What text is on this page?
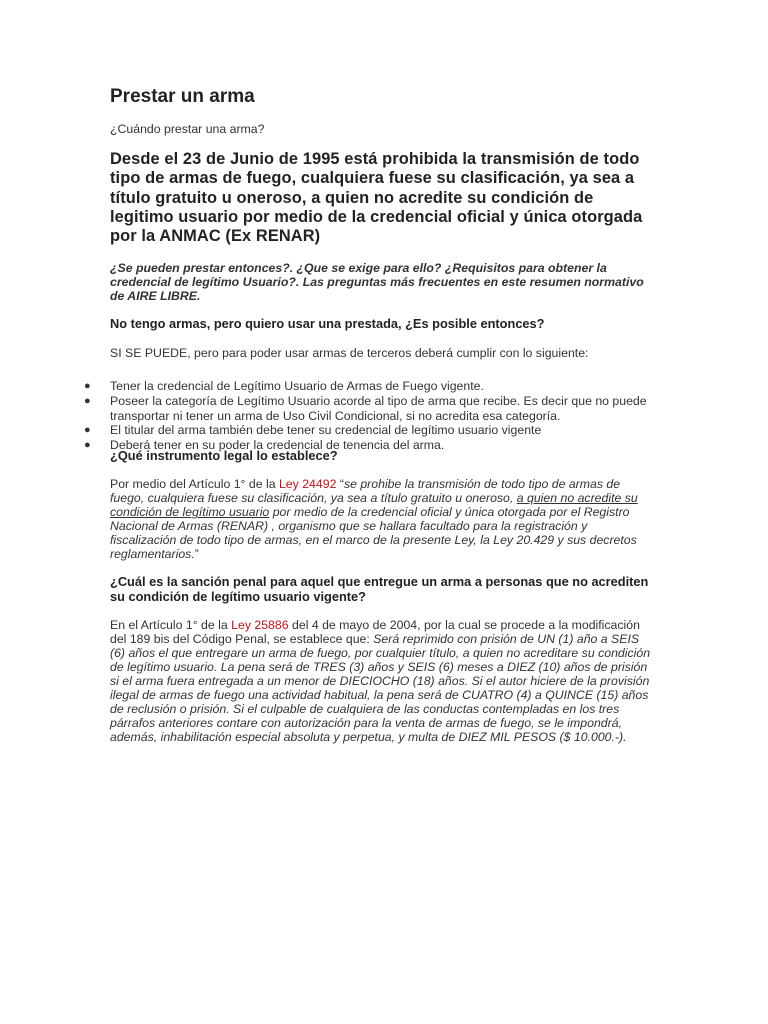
Prestar un arma

¿Cuándo prestar una arma?

Desde el 23 de Junio de 1995 está prohibida la transmisión de todo tipo de armas de fuego, cualquiera fuese su clasificación, ya sea a título gratuito u oneroso, a quien no acredite su condición de legitimo usuario por medio de la credencial oficial y única otorgada por la ANMAC (Ex RENAR)

¿Se pueden prestar entonces?. ¿Que se exige para ello? ¿Requisitos para obtener la credencial de legítimo Usuario?. Las preguntas más frecuentes en este resumen normativo de AIRE LIBRE.

No tengo armas, pero quiero usar una prestada, ¿Es posible entonces?

SI SE PUEDE, pero para poder usar armas de terceros deberá cumplir con lo siguiente:

¿Qué instrumento legal lo establece?

Por medio del Artículo 1° de la Ley 24492 “se prohibe la transmisión de todo tipo de armas de fuego, cualquiera fuese su clasificación, ya sea a título gratuito u oneroso, a quien no acredite su condición de legítimo usuario por medio de la credencial oficial y única otorgada por el Registro Nacional de Armas (RENAR) , organismo que se hallara facultado para la registración y fiscalización de todo tipo de armas, en el marco de la presente Ley, la Ley 20.429 y sus decretos reglamentarios.”

¿Cuál es la sanción penal para aquel que entregue un arma a personas que no acrediten su condición de legítimo usuario vigente?

En el Artículo 1° de la Ley 25886 del 4 de mayo de 2004, por la cual se procede a la modificación del 189 bis del Código Penal, se establece que: Será reprimido con prisión de UN (1) año a SEIS (6) años el que entregare un arma de fuego, por cualquier título, a quien no acreditare su condición de legítimo usuario. La pena será de TRES (3) años y SEIS (6) meses a DIEZ (10) años de prisión si el arma fuera entregada a un menor de DIECIOCHO (18) años. Si el autor hiciere de la provisión ilegal de armas de fuego una actividad habitual, la pena será de CUATRO (4) a QUINCE (15) años de reclusión o prisión. Si el culpable de cualquiera de las conductas contempladas en los tres párrafos anteriores contare con autorización para la venta de armas de fuego, se le impondrá, además, inhabilitación especial absoluta y perpetua, y multa de DIEZ MIL PESOS ($ 10.000.-).

● Tener la credencial de Legítimo Usuario de Armas de Fuego vigente.
● Poseer la categoría de Legítimo Usuario acorde al tipo de arma que recibe. Es decir que no puede transportar ni tener un arma de Uso Civil Condicional, si no acredita esa categoría.
● El titular del arma también debe tener su credencial de legítimo usuario vigente
● Deberá tener en su poder la credencial de tenencia del arma.
